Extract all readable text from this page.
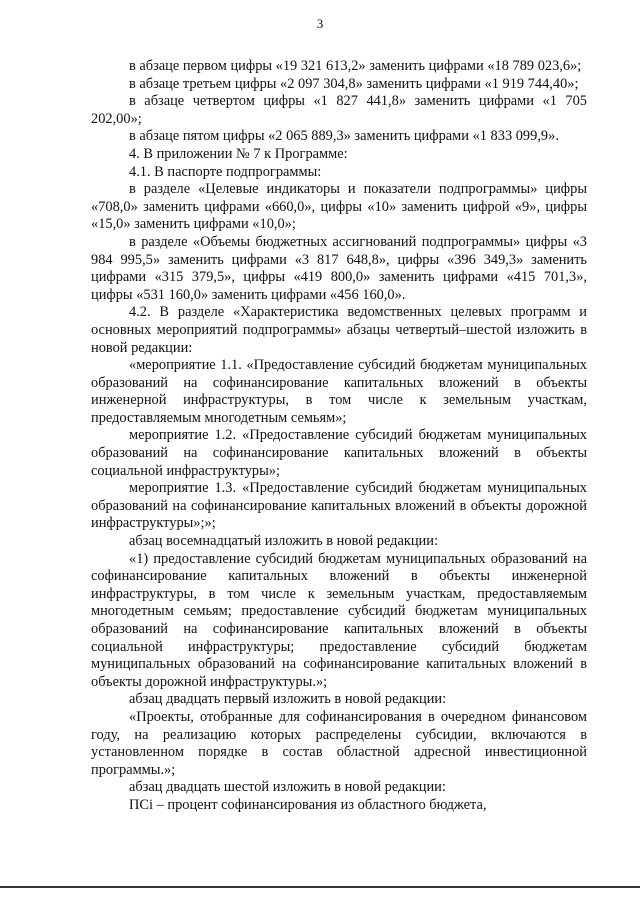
3

в абзаце первом цифры «19 321 613,2» заменить цифрами «18 789 023,6»;

в абзаце третьем цифры «2 097 304,8» заменить цифрами «1 919 744,40»;

в абзаце четвертом цифры «1 827 441,8» заменить цифрами «1 705 202,00»;

в абзаце пятом цифры «2 065 889,3» заменить цифрами «1 833 099,9».

4. В приложении № 7 к Программе:

4.1. В паспорте подпрограммы:

в разделе «Целевые индикаторы и показатели подпрограммы» цифры «708,0» заменить цифрами «660,0», цифры «10» заменить цифрой «9», цифры «15,0» заменить цифрами «10,0»;

в разделе «Объемы бюджетных ассигнований подпрограммы» цифры «3 984 995,5» заменить цифрами «3 817 648,8», цифры «396 349,3» заменить цифрами «315 379,5», цифры «419 800,0» заменить цифрами «415 701,3», цифры «531 160,0» заменить цифрами «456 160,0».

4.2. В разделе «Характеристика ведомственных целевых программ и основных мероприятий подпрограммы» абзацы четвертый–шестой изложить в новой редакции:

«мероприятие 1.1. «Предоставление субсидий бюджетам муниципальных образований на софинансирование капитальных вложений в объекты инженерной инфраструктуры, в том числе к земельным участкам, предоставляемым многодетным семьям»;

мероприятие 1.2. «Предоставление субсидий бюджетам муниципальных образований на софинансирование капитальных вложений в объекты социальной инфраструктуры»;

мероприятие 1.3. «Предоставление субсидий бюджетам муниципальных образований на софинансирование капитальных вложений в объекты дорожной инфраструктуры»;»;

абзац восемнадцатый изложить в новой редакции:

«1) предоставление субсидий бюджетам муниципальных образований на софинансирование капитальных вложений в объекты инженерной инфраструктуры, в том числе к земельным участкам, предоставляемым многодетным семьям; предоставление субсидий бюджетам муниципальных образований на софинансирование капитальных вложений в объекты социальной инфраструктуры; предоставление субсидий бюджетам муниципальных образований на софинансирование капитальных вложений в объекты дорожной инфраструктуры.»;

абзац двадцать первый изложить в новой редакции:

«Проекты, отобранные для софинансирования в очередном финансовом году, на реализацию которых распределены субсидии, включаются в установленном порядке в состав областной адресной инвестиционной программы.»;

абзац двадцать шестой изложить в новой редакции:

ПСi – процент софинансирования из областного бюджета,
